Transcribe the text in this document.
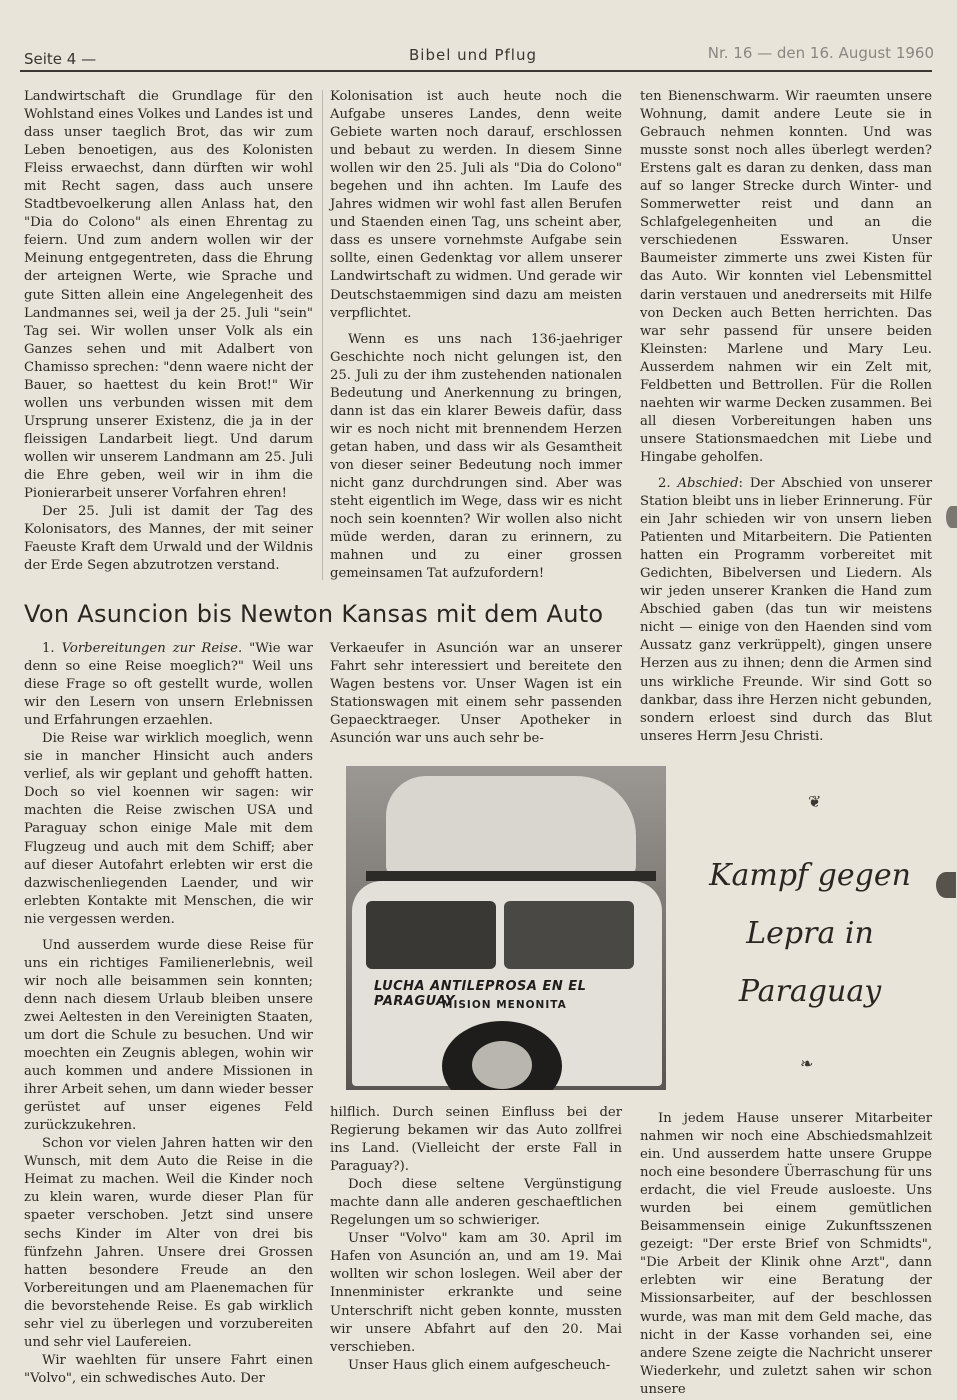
Seite 4 —	Bibel und Pflug	Nr. 16 — den 16. August 1960

Landwirtschaft die Grundlage für den Wohlstand eines Volkes und Landes ist und dass unser taeglich Brot, das wir zum Leben benoetigen, aus des Kolonisten Fleiss erwaechst, dann dürften wir wohl mit Recht sagen, dass auch unsere Stadtbevoelkerung allen Anlass hat, den "Dia do Colono" als einen Ehrentag zu feiern. Und zum andern wollen wir der Meinung entgegentreten, dass die Ehrung der arteignen Werte, wie Sprache und gute Sitten allein eine Angelegenheit des Landmannes sei, weil ja der 25. Juli "sein" Tag sei. Wir wollen unser Volk als ein Ganzes sehen und mit Adalbert von Chamisso sprechen: "denn waere nicht der Bauer, so haettest du kein Brot!" Wir wollen uns verbunden wissen mit dem Ursprung unserer Existenz, die ja in der fleissigen Landarbeit liegt. Und darum wollen wir unserem Landmann am 25. Juli die Ehre geben, weil wir in ihm die Pionierarbeit unserer Vorfahren ehren!

Der 25. Juli ist damit der Tag des Kolonisators, des Mannes, der mit seiner Faeuste Kraft dem Urwald und der Wildnis der Erde Segen abzutrotzen verstand.

Kolonisation ist auch heute noch die Aufgabe unseres Landes, denn weite Gebiete warten noch darauf, erschlossen und bebaut zu werden. In diesem Sinne wollen wir den 25. Juli als "Dia do Colono" begehen und ihn achten. Im Laufe des Jahres widmen wir wohl fast allen Berufen und Staenden einen Tag, uns scheint aber, dass es unsere vornehmste Aufgabe sein sollte, einen Gedenktag vor allem unserer Landwirtschaft zu widmen. Und gerade wir Deutschstaemmigen sind dazu am meisten verpflichtet.

Wenn es uns nach 136-jaehriger Geschichte noch nicht gelungen ist, den 25. Juli zu der ihm zustehenden nationalen Bedeutung und Anerkennung zu bringen, dann ist das ein klarer Beweis dafür, dass wir es noch nicht mit brennendem Herzen getan haben, und dass wir als Gesamtheit von dieser seiner Bedeutung noch immer nicht ganz durchdrungen sind. Aber was steht eigentlich im Wege, dass wir es nicht noch sein koennten? Wir wollen also nicht müde werden, daran zu erinnern, zu mahnen und zu einer grossen gemeinsamen Tat aufzufordern!

ten Bienenschwarm. Wir raeumten unsere Wohnung, damit andere Leute sie in Gebrauch nehmen konnten. Und was musste sonst noch alles überlegt werden? Erstens galt es daran zu denken, dass man auf so langer Strecke durch Winter- und Sommerwetter reist und dann an Schlafgelegenheiten und an die verschiedenen Esswaren. Unser Baumeister zimmerte uns zwei Kisten für das Auto. Wir konnten viel Lebensmittel darin verstauen und anedrerseits mit Hilfe von Decken auch Betten herrichten. Das war sehr passend für unsere beiden Kleinsten: Marlene und Mary Leu. Ausserdem nahmen wir ein Zelt mit, Feldbetten und Bettrollen. Für die Rollen naehten wir warme Decken zusammen. Bei all diesen Vorbereitungen haben uns unsere Stationsmaedchen mit Liebe und Hingabe geholfen.

2. Abschied: Der Abschied von unserer Station bleibt uns in lieber Erinnerung. Für ein Jahr schieden wir von unsern lieben Patienten und Mitarbeitern. Die Patienten hatten ein Programm vorbereitet mit Gedichten, Bibelversen und Liedern. Als wir jeden unserer Kranken die Hand zum Abschied gaben (das tun wir meistens nicht — einige von den Haenden sind vom Aussatz ganz verkrüppelt), gingen unsere Herzen aus zu ihnen; denn die Armen sind uns wirkliche Freunde. Wir sind Gott so dankbar, dass ihre Herzen nicht gebunden, sondern erloest sind durch das Blut unseres Herrn Jesu Christi.

Von Asuncion bis Newton Kansas mit dem Auto

1. Vorbereitungen zur Reise. "Wie war denn so eine Reise moeglich?" Weil uns diese Frage so oft gestellt wurde, wollen wir den Lesern von unsern Erlebnissen und Erfahrungen erzaehlen.

Die Reise war wirklich moeglich, wenn sie in mancher Hinsicht auch anders verlief, als wir geplant und gehofft hatten. Doch so viel koennen wir sagen: wir machten die Reise zwischen USA und Paraguay schon einige Male mit dem Flugzeug und auch mit dem Schiff; aber auf dieser Autofahrt erlebten wir erst die dazwischenliegenden Laender, und wir erlebten Kontakte mit Menschen, die wir nie vergessen werden.

Und ausserdem wurde diese Reise für uns ein richtiges Familienerlebnis, weil wir noch alle beisammen sein konnten; denn nach diesem Urlaub bleiben unsere zwei Aeltesten in den Vereinigten Staaten, um dort die Schule zu besuchen. Und wir moechten ein Zeugnis ablegen, wohin wir auch kommen und andere Missionen in ihrer Arbeit sehen, um dann wieder besser gerüstet auf unser eigenes Feld zurückzukehren.

Schon vor vielen Jahren hatten wir den Wunsch, mit dem Auto die Reise in die Heimat zu machen. Weil die Kinder noch zu klein waren, wurde dieser Plan für spaeter verschoben. Jetzt sind unsere sechs Kinder im Alter von drei bis fünfzehn Jahren. Unsere drei Grossen hatten besondere Freude an den Vorbereitungen und am Plaenemachen für die bevorstehende Reise. Es gab wirklich sehr viel zu überlegen und vorzubereiten und sehr viel Laufereien.

Wir waehlten für unsere Fahrt einen "Volvo", ein schwedisches Auto. Der

Verkaeufer in Asunción war an unserer Fahrt sehr interessiert und bereitete den Wagen bestens vor. Unser Wagen ist ein Stationswagen mit einem sehr passenden Gepaecktraeger. Unser Apotheker in Asunción war uns auch sehr be-

LUCHA ANTILEPROSA EN EL PARAGUAY
MISION MENONITA

hilflich. Durch seinen Einfluss bei der Regierung bekamen wir das Auto zollfrei ins Land. (Vielleicht der erste Fall in Paraguay?).

Doch diese seltene Vergünstigung machte dann alle anderen geschaeftlichen Regelungen um so schwieriger.

Unser "Volvo" kam am 30. April im Hafen von Asunción an, und am 19. Mai wollten wir schon loslegen. Weil aber der Innenminister erkrankte und seine Unterschrift nicht geben konnte, mussten wir unsere Abfahrt auf den 20. Mai verschieben.

Unser Haus glich einem aufgescheuch-

❦
Kampf gegen
Lepra in
Paraguay
❧

In jedem Hause unserer Mitarbeiter nahmen wir noch eine Abschiedsmahlzeit ein. Und ausserdem hatte unsere Gruppe noch eine besondere Überraschung für uns erdacht, die viel Freude ausloeste. Uns wurden bei einem gemütlichen Beisammensein einige Zukunftsszenen gezeigt: "Der erste Brief von Schmidts", "Die Arbeit der Klinik ohne Arzt", dann erlebten wir eine Beratung der Missionsarbeiter, auf der beschlossen wurde, was man mit dem Geld mache, das nicht in der Kasse vorhanden sei, eine andere Szene zeigte die Nachricht unserer Wiederkehr, und zuletzt sahen wir schon unsere
